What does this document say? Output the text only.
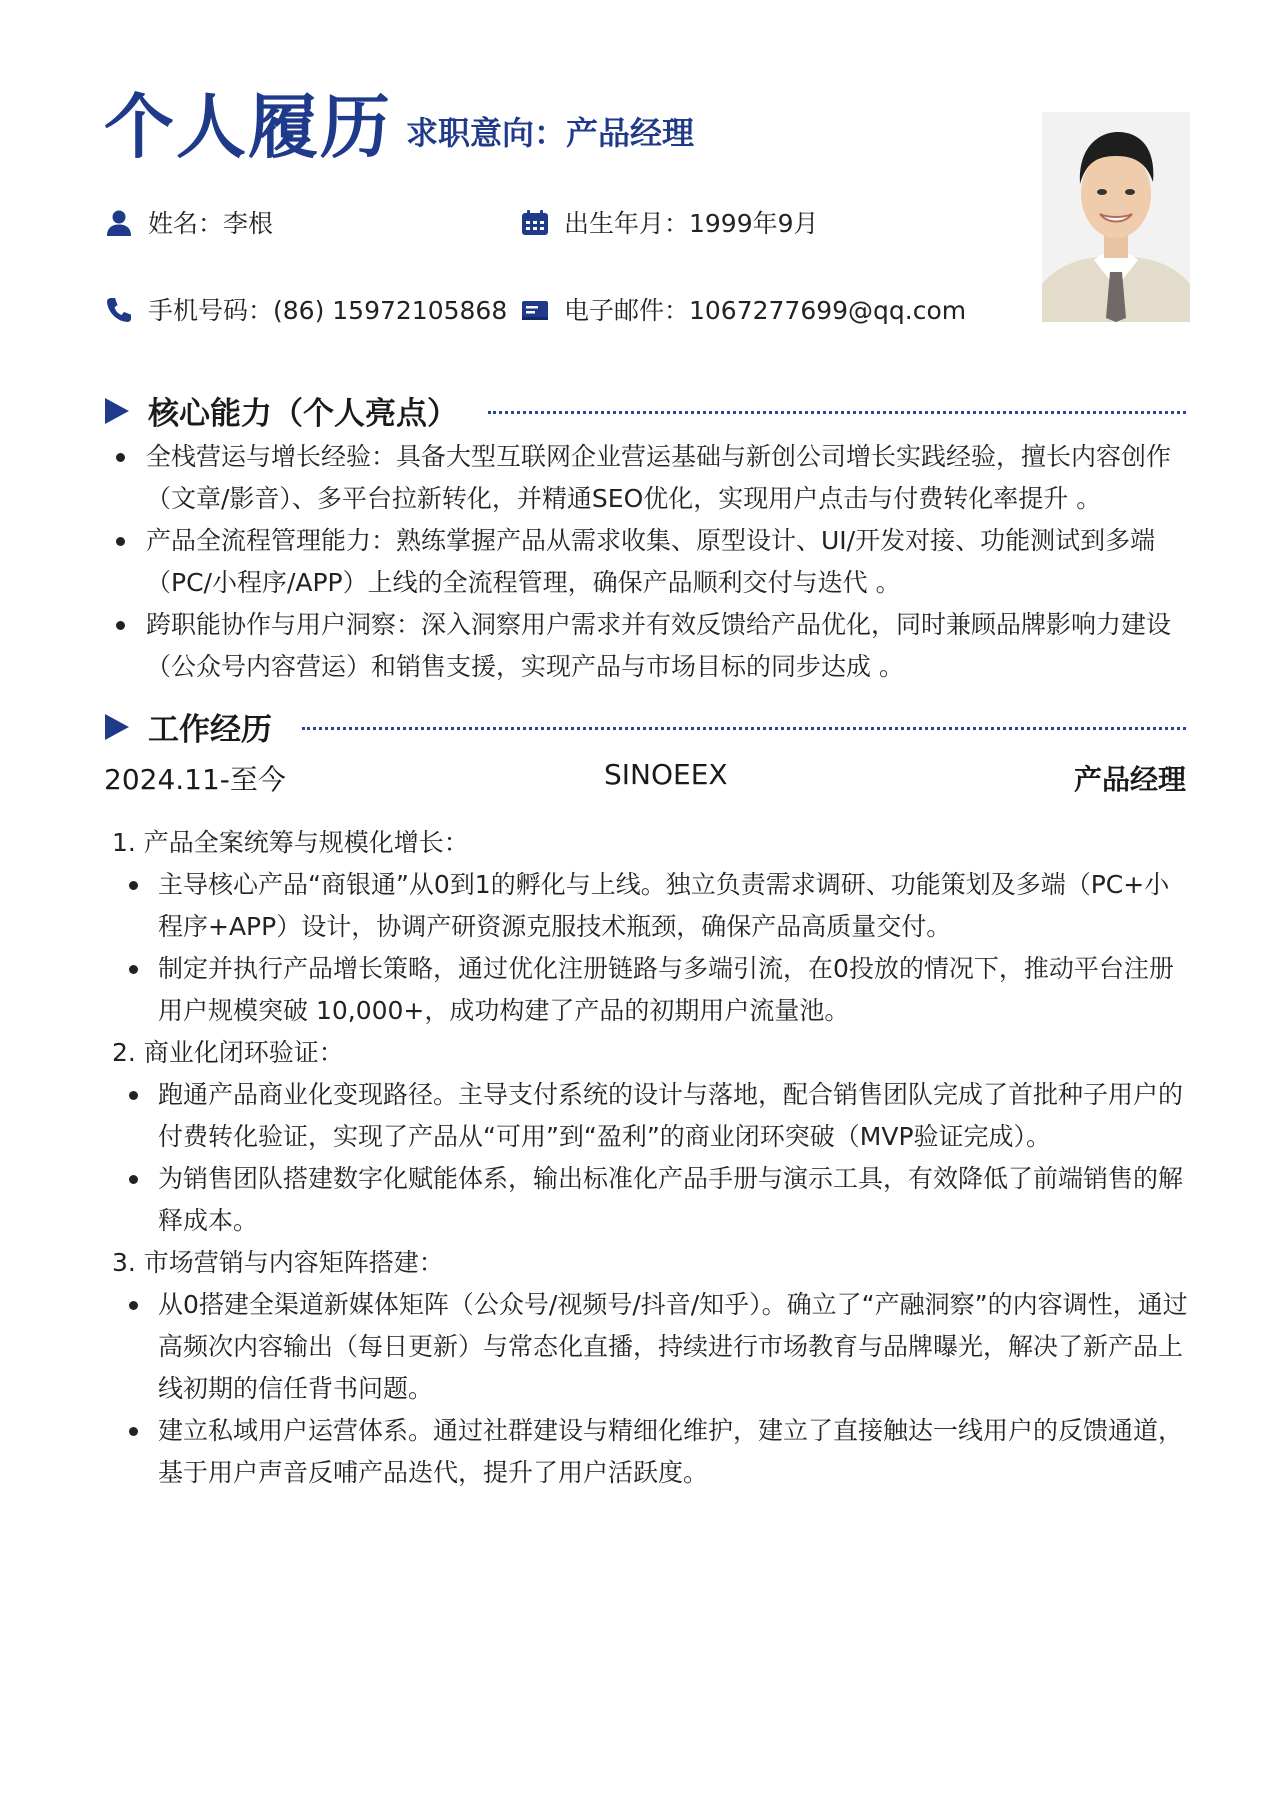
个人履历 求职意向：产品经理
姓名：李根	出生年月：1999年9月
手机号码：(86) 15972105868 电子邮件：1067277699@qq.com
核心能力（个人亮点）
全栈营运与增长经验：具备大型互联网企业营运基础与新创公司增长实践经验，擅长内容创作（文章/影音）、多平台拉新转化，并精通SEO优化，实现用户点击与付费转化率提升 。
产品全流程管理能力：熟练掌握产品从需求收集、原型设计、UI/开发对接、功能测试到多端（PC/小程序/APP）上线的全流程管理，确保产品顺利交付与迭代 。
跨职能协作与用户洞察：深入洞察用户需求并有效反馈给产品优化，同时兼顾品牌影响力建设（公众号内容营运）和销售支援，实现产品与市场目标的同步达成 。
工作经历
2024.11-至今	SINOEEX	产品经理
1. 产品全案统筹与规模化增长：
主导核心产品“商银通”从0到1的孵化与上线。独立负责需求调研、功能策划及多端（PC+小程序+APP）设计，协调产研资源克服技术瓶颈，确保产品高质量交付。
制定并执行产品增长策略，通过优化注册链路与多端引流，在0投放的情况下，推动平台注册用户规模突破 10,000+，成功构建了产品的初期用户流量池。
2. 商业化闭环验证：
跑通产品商业化变现路径。主导支付系统的设计与落地，配合销售团队完成了首批种子用户的付费转化验证，实现了产品从“可用”到“盈利”的商业闭环突破（MVP验证完成）。
为销售团队搭建数字化赋能体系，输出标准化产品手册与演示工具，有效降低了前端销售的解释成本。
3. 市场营销与内容矩阵搭建：
从0搭建全渠道新媒体矩阵（公众号/视频号/抖音/知乎）。确立了“产融洞察”的内容调性，通过高频次内容输出（每日更新）与常态化直播，持续进行市场教育与品牌曝光，解决了新产品上线初期的信任背书问题。
建立私域用户运营体系。通过社群建设与精细化维护，建立了直接触达一线用户的反馈通道，基于用户声音反哺产品迭代，提升了用户活跃度。
